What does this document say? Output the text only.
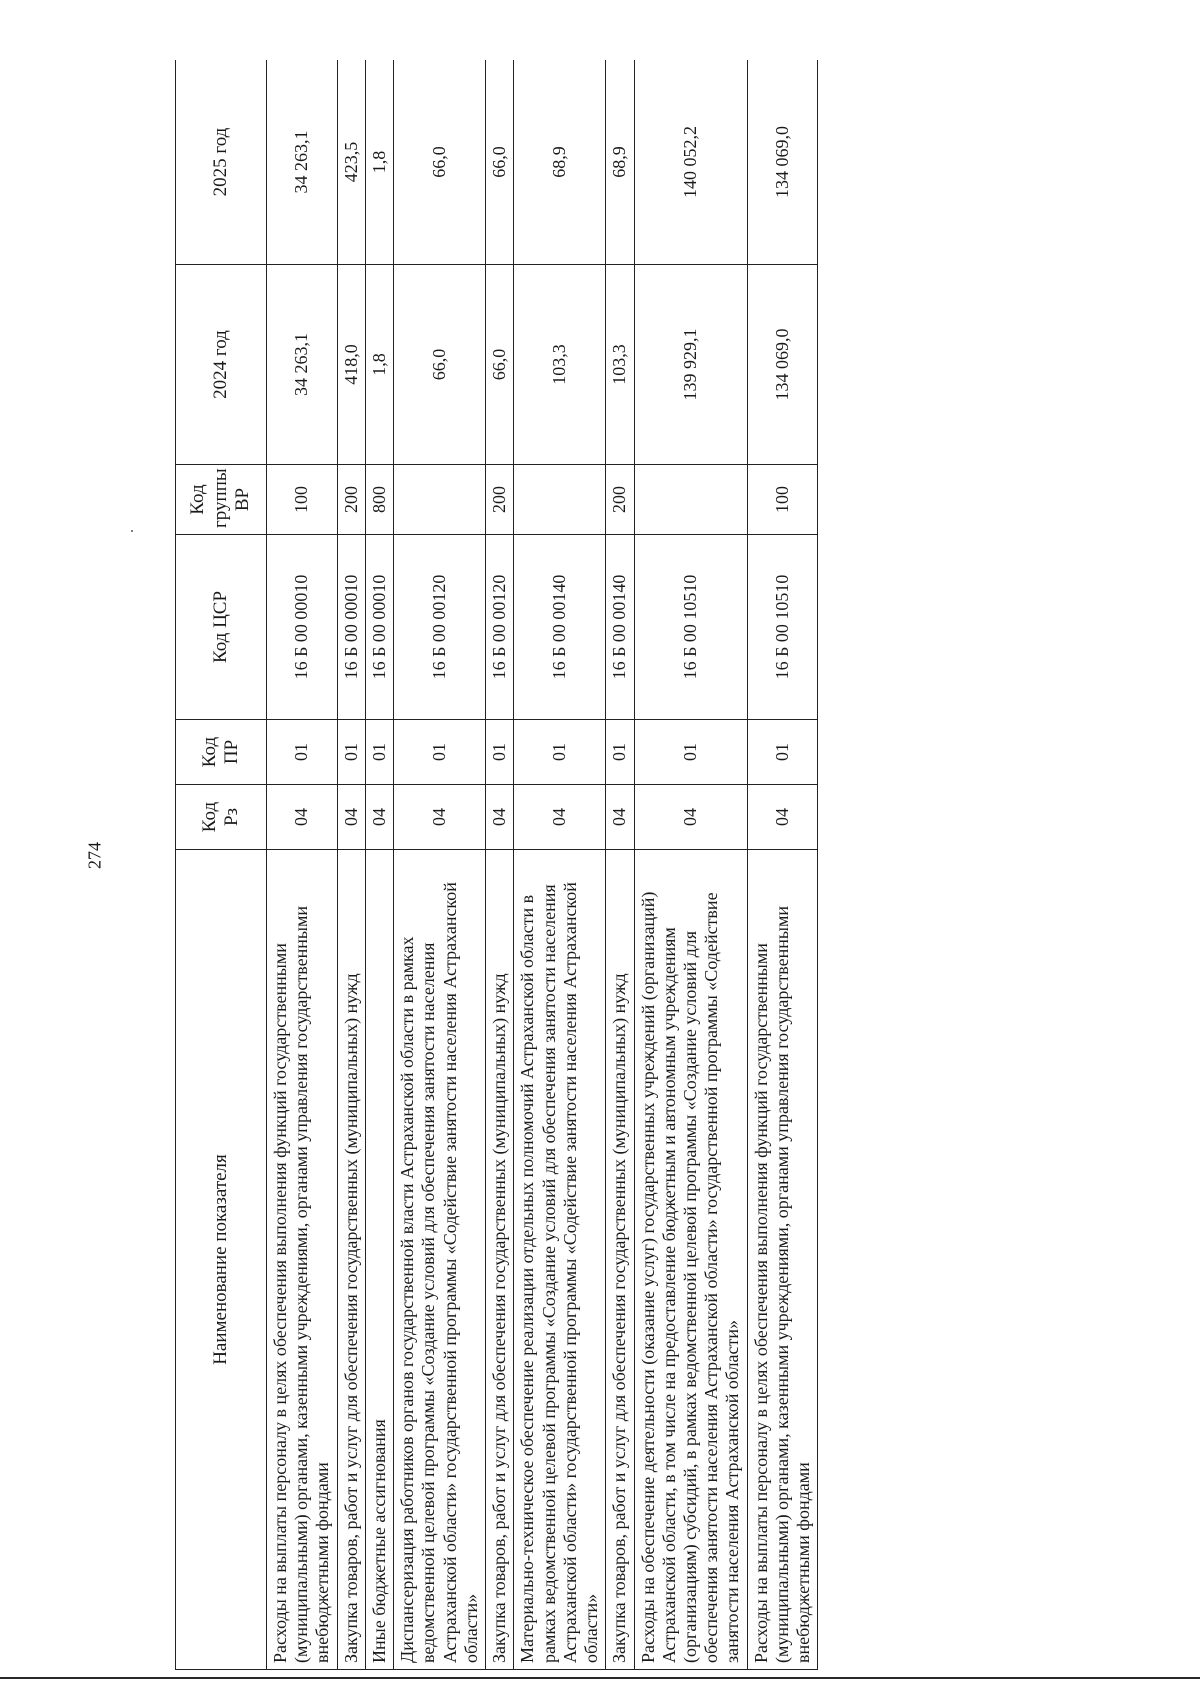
274
Наименование показателя	Код Рз	Код ПР	Код ЦСР	Код группы ВР	2024 год	2025 год
Расходы на выплаты персоналу в целях обеспечения выполнения функций государственными (муниципальными) органами, казенными учреждениями, органами управления государственными внебюджетными фондами	04	01	16 Б 00 00010	100	34 263,1	34 263,1
Закупка товаров, работ и услуг для обеспечения государственных (муниципальных) нужд	04	01	16 Б 00 00010	200	418,0	423,5
Иные бюджетные ассигнования	04	01	16 Б 00 00010	800	1,8	1,8
Диспансеризация работников органов государственной власти Астраханской области в рамках ведомственной целевой программы «Создание условий для обеспечения занятости населения Астраханской области» государственной программы «Содействие занятости населения Астраханской области»	04	01	16 Б 00 00120		66,0	66,0
Закупка товаров, работ и услуг для обеспечения государственных (муниципальных) нужд	04	01	16 Б 00 00120	200	66,0	66,0
Материально-техническое обеспечение реализации отдельных полномочий Астраханской области в рамках ведомственной целевой программы «Создание условий для обеспечения занятости населения Астраханской области» государственной программы «Содействие занятости населения Астраханской области»	04	01	16 Б 00 00140		103,3	68,9
Закупка товаров, работ и услуг для обеспечения государственных (муниципальных) нужд	04	01	16 Б 00 00140	200	103,3	68,9
Расходы на обеспечение деятельности (оказание услуг) государственных учреждений (организаций) Астраханской области, в том числе на предоставление бюджетным и автономным учреждениям (организациям) субсидий, в рамках ведомственной целевой программы «Создание условий для обеспечения занятости населения Астраханской области» государственной программы «Содействие занятости населения Астраханской области»	04	01	16 Б 00 10510		139 929,1	140 052,2
Расходы на выплаты персоналу в целях обеспечения выполнения функций государственными (муниципальными) органами, казенными учреждениями, органами управления государственными внебюджетными фондами	04	01	16 Б 00 10510	100	134 069,0	134 069,0
